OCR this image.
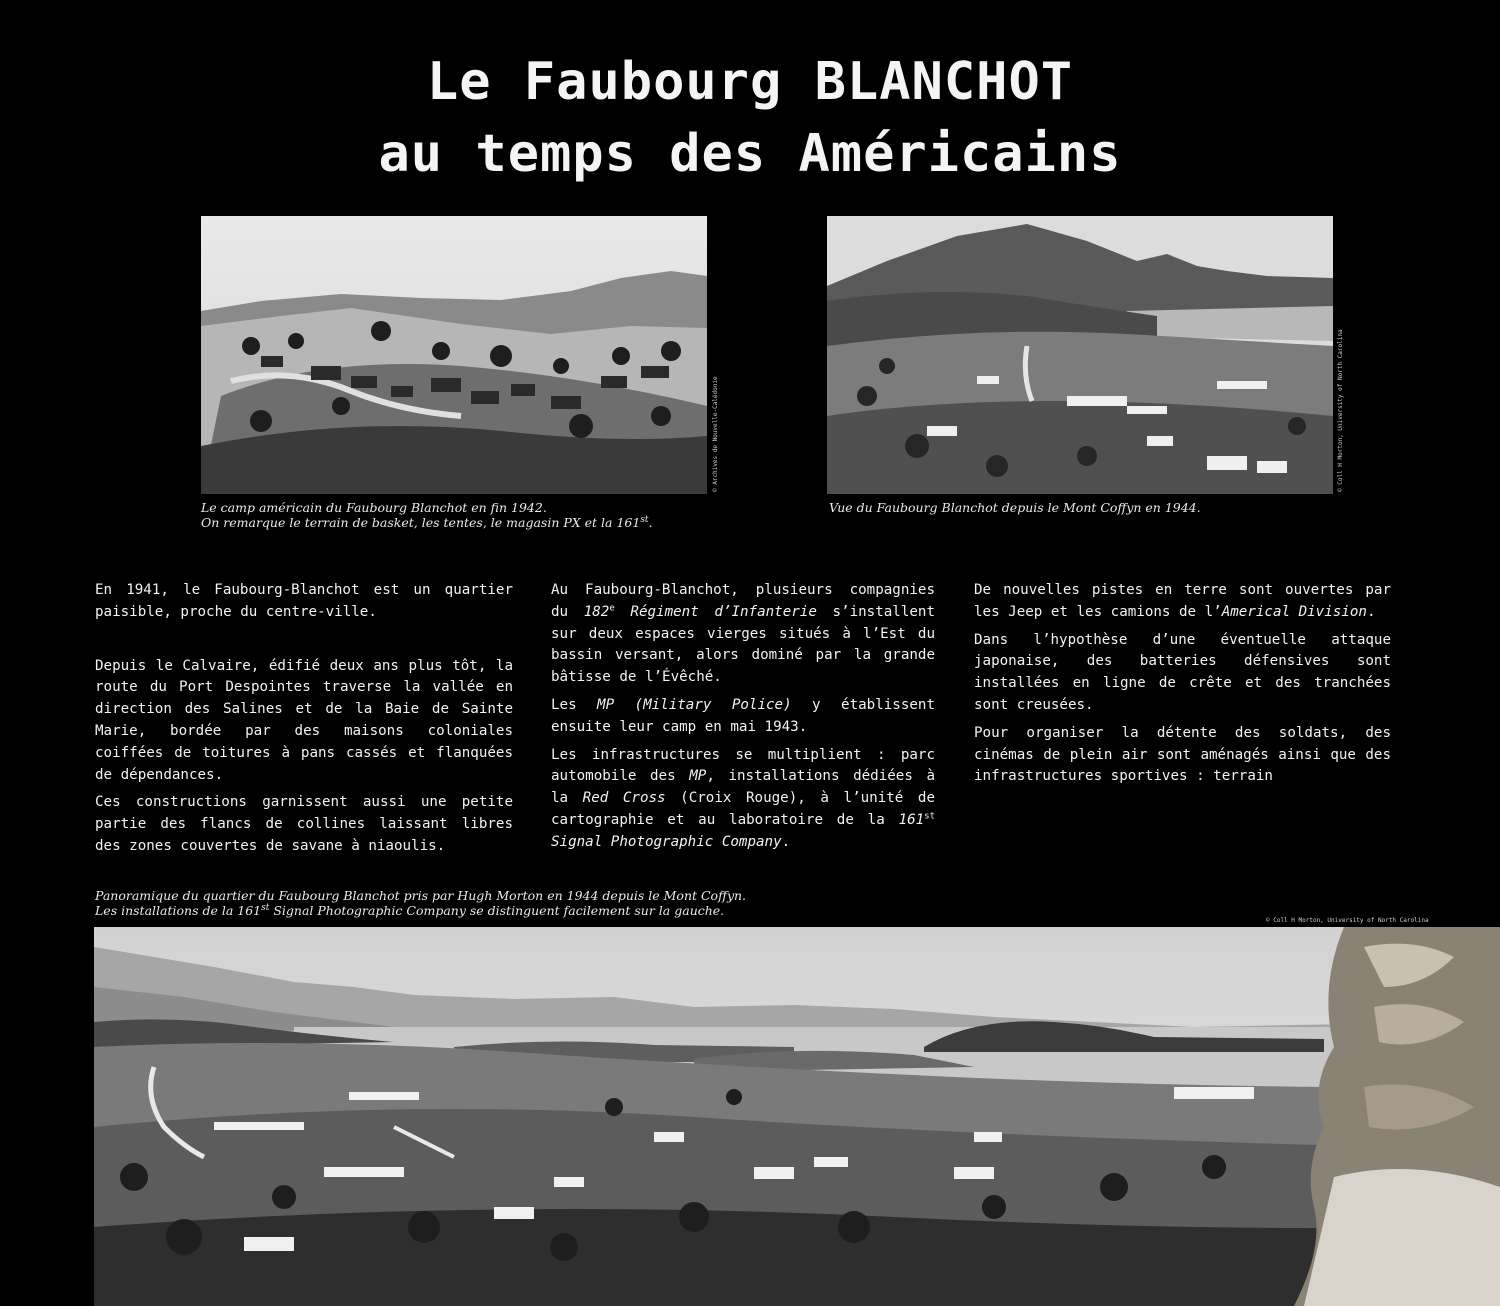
Le Faubourg BLANCHOT
au temps des Américains
© Archives de Nouvelle-Calédonie
Le camp américain du Faubourg Blanchot en fin 1942.
On remarque le terrain de basket, les tentes, le magasin PX et la 161st.
© Coll H Morton, University of North Carolina
Vue du Faubourg Blanchot depuis le Mont Coffyn en 1944.

En 1941, le Faubourg-Blanchot est un quartier paisible, proche du centre-ville.

Depuis le Calvaire, édifié deux ans plus tôt, la route du Port Despointes traverse la vallée en direction des Salines et de la Baie de Sainte Marie, bordée par des maisons coloniales coiffées de toitures à pans cassés et flanquées de dépendances.

Ces constructions garnissent aussi une petite partie des flancs de collines laissant libres des zones couvertes de savane à niaoulis.

Au Faubourg-Blanchot, plusieurs compagnies du 182e Régiment d’Infanterie s’installent sur deux espaces vierges situés à l’Est du bassin versant, alors dominé par la grande bâtisse de l’Évêché.

Les MP (Military Police) y établissent ensuite leur camp en mai 1943.

Les infrastructures se multiplient : parc automobile des MP, installations dédiées à la Red Cross (Croix Rouge), à l’unité de cartographie et au laboratoire de la 161st Signal Photographic Company.

De nouvelles pistes en terre sont ouvertes par les Jeep et les camions de l’Americal Division.

Dans l’hypothèse d’une éventuelle attaque japonaise, des batteries défensives sont installées en ligne de crête et des tranchées sont creusées.

Pour organiser la détente des soldats, des cinémas de plein air sont aménagés ainsi que des infrastructures sportives : terrain

Panoramique du quartier du Faubourg Blanchot pris par Hugh Morton en 1944 depuis le Mont Coffyn.
Les installations de la 161st Signal Photographic Company se distinguent facilement sur la gauche.
© Coll H Morton, University of North Carolina
